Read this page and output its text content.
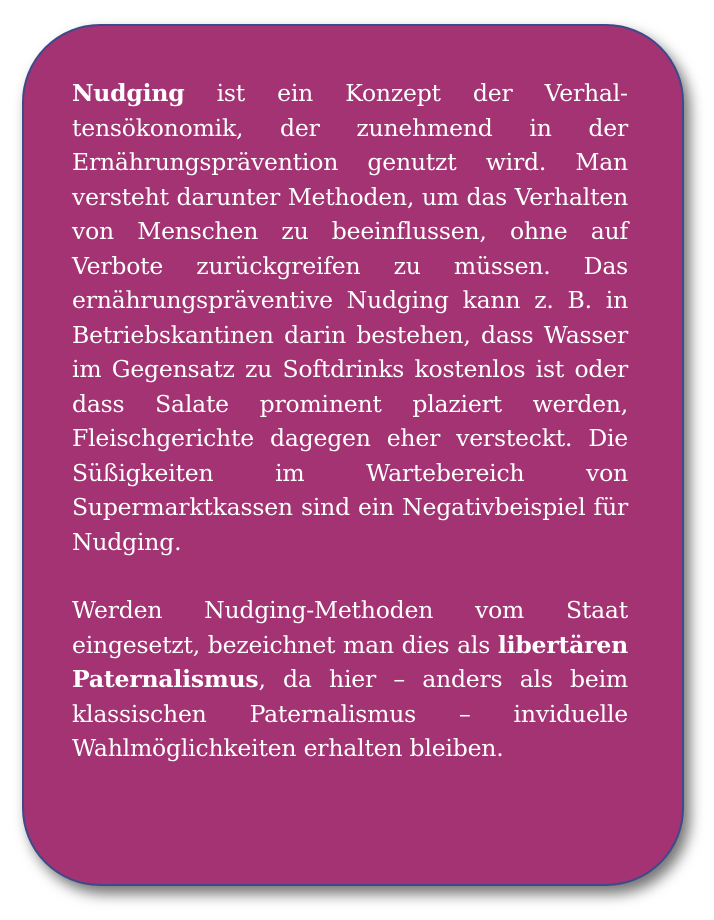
Nudging ist ein Konzept der Verhaltensökonomik, der zunehmend in der Ernährungsprävention genutzt wird. Man versteht darunter Methoden, um das Verhalten von Menschen zu beeinflussen, ohne auf Verbote zurückgreifen zu müssen. Das ernährungspräventive Nudging kann z. B. in Betriebskantinen darin bestehen, dass Wasser im Gegensatz zu Softdrinks kostenlos ist oder dass Salate prominent plaziert werden, Fleischgerichte dagegen eher versteckt. Die Süßigkeiten im Wartebereich von Supermarktkassen sind ein Negativbeispiel für Nudging.

Werden Nudging-Methoden vom Staat eingesetzt, bezeichnet man dies als libertären Paternalismus, da hier – anders als beim klassischen Paternalismus – inviduelle Wahlmöglichkeiten erhalten bleiben.
